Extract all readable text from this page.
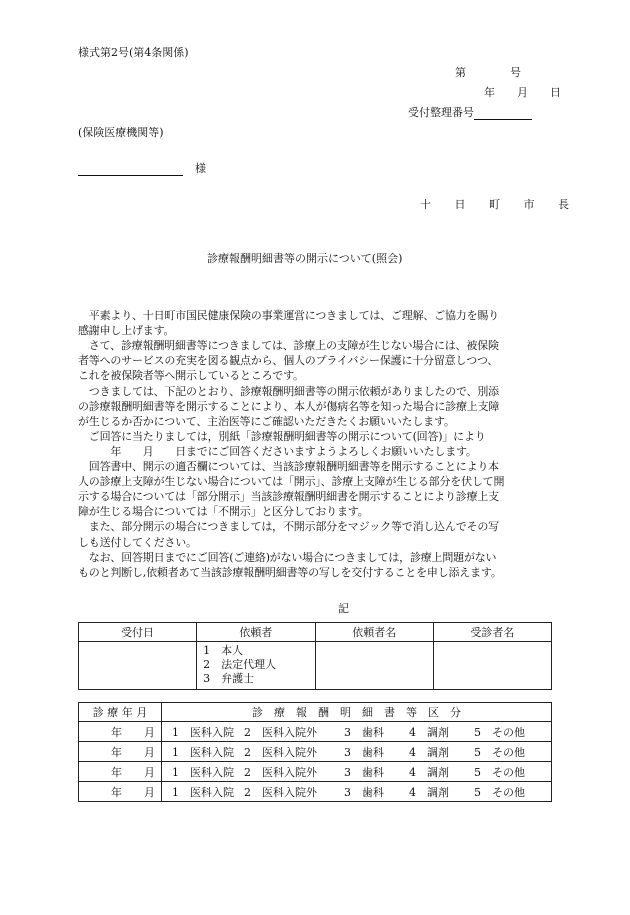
様式第2号(第4条関係)
第　　　　号
年　　月　　日
受付整理番号
(保険医療機関等)
様
十 日 町 市 長
診療報酬明細書等の開示について(照会)
　平素より、十日町市国民健康保険の事業運営につきましては、ご理解、ご協力を賜り
感謝申し上げます。
　さて、診療報酬明細書等につきましては、診療上の支障が生じない場合には、被保険
者等へのサービスの充実を図る観点から、個人のプライバシー保護に十分留意しつつ、
これを被保険者等へ開示しているところです。
　つきましては、下記のとおり、診療報酬明細書等の開示依頼がありましたので、別添
の診療報酬明細書等を開示することにより、本人が傷病名等を知った場合に診療上支障
が生じるか否かについて、主治医等にご確認いただきたくお願いいたします。
　ご回答に当たりましては，別紙「診療報酬明細書等の開示について(回答)」により
　　　年　　月　　日までにご回答くださいますようよろしくお願いいたします。
　回答書中、開示の適否欄については、当該診療報酬明細書等を開示することにより本
人の診療上支障が生じない場合については「開示」、診療上支障が生じる部分を伏して開
示する場合については「部分開示」当該診療報酬明細書を開示することにより診療上支
障が生じる場合については「不開示」と区分しております。
　また、部分開示の場合につきましては，不開示部分をマジック等で消し込んでその写
しも送付してください。
　なお、回答期日までにご回答(ご連絡)がない場合につきましては，診療上問題がない
ものと判断し,依頼者あて当該診療報酬明細書等の写しを交付することを申し添えます。
記
受付日	依頼者	依頼者名	受診者名

	1　本人
2　法定代理人
3　弁護士		

診 療 年 月	診　療　報　酬　明　細　書　等　区　分
年　　月	1　医科入院 2　医科入院外 3　歯科 4　調剤 5　その他
年　　月	1　医科入院 2　医科入院外 3　歯科 4　調剤 5　その他
年　　月	1　医科入院 2　医科入院外 3　歯科 4　調剤 5　その他
年　　月	1　医科入院 2　医科入院外 3　歯科 4　調剤 5　その他
